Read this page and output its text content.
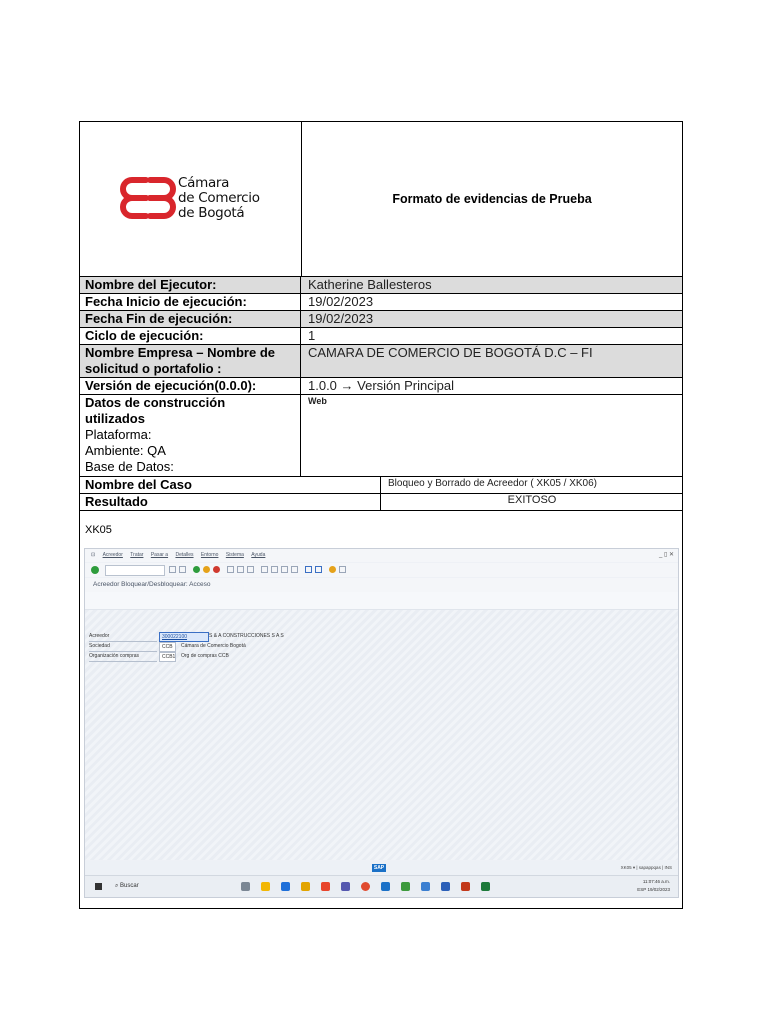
Cámara
de Comercio
de Bogotá
Formato de evidencias de Prueba
Nombre del Ejecutor:	Katherine Ballesteros
Fecha Inicio de ejecución:	19/02/2023
Fecha Fin de ejecución:	19/02/2023
Ciclo de ejecución:	1
Nombre Empresa – Nombre de
solicitud o portafolio :
CAMARA DE COMERCIO DE BOGOTÁ D.C – FI
Versión de ejecución(0.0.0):	1.0.0 → Versión Principal
Datos de construcción
utilizados
Plataforma:
Ambiente: QA
Base de Datos:
Web
Nombre del Caso	Bloqueo y Borrado de Acreedor ( XK05 / XK06)
Resultado	EXITOSO
XK05
⊡ Acreedor Tratar Pasar a Detalles Entorno Sistema Ayuda	_ ▯ ✕
Acreedor Bloquear/Desbloquear: Acceso
Acreedor	300022100	S & A CONSTRUCCIONES S A S
Sociedad	CCB	Cámara de Comercio Bogotá
Organización compras	CCB1 Org de compras CCB
SAP	XK05 ▾ | sapappqas | INS
⌕ Buscar
11:07:46 a.m.
ESP 19/02/2023
